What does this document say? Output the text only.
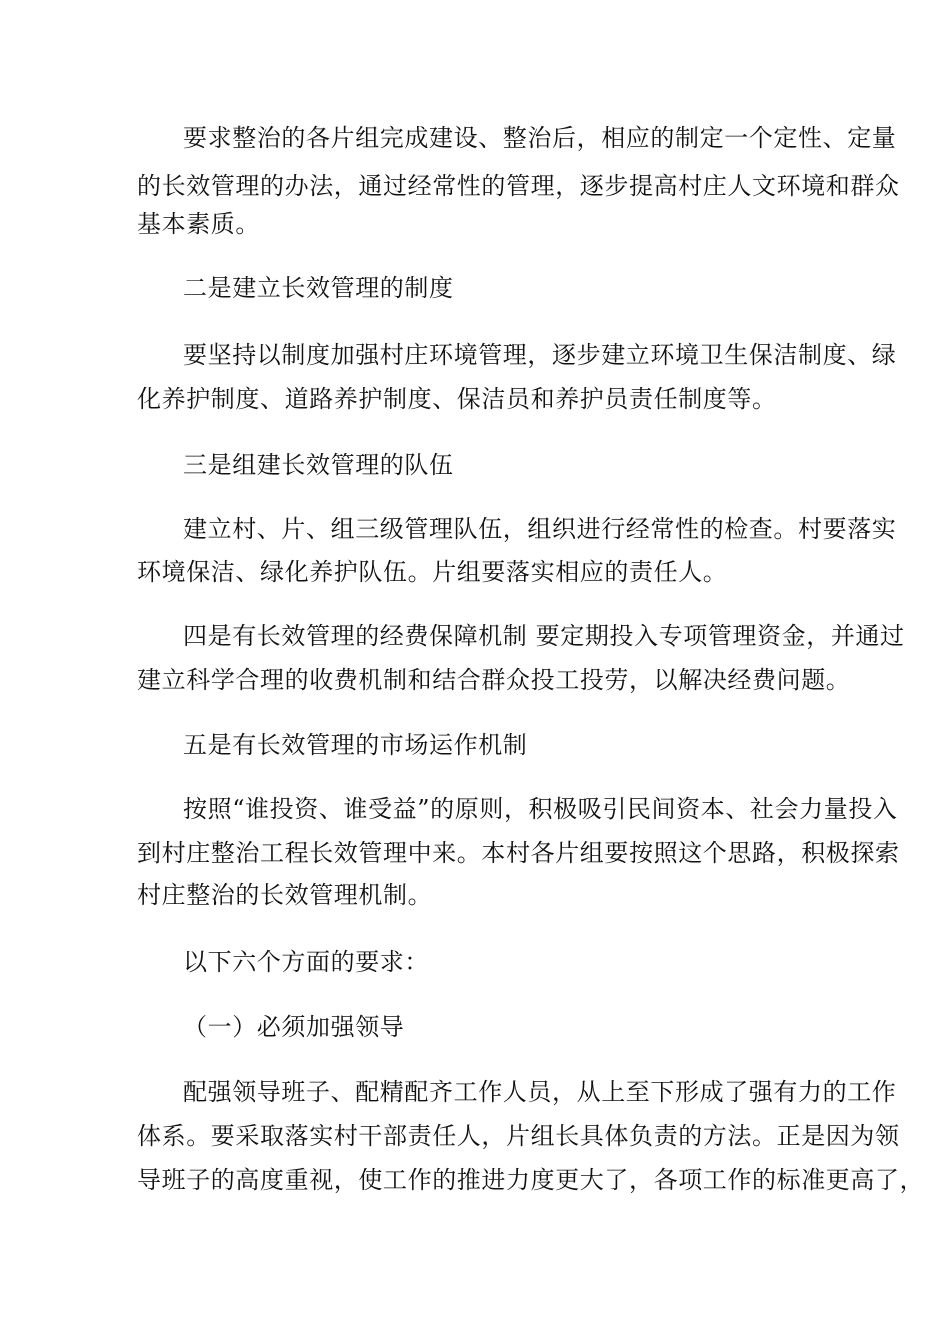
要求整治的各片组完成建设、整治后，相应的制定一个定性、定量
的长效管理的办法，通过经常性的管理，逐步提高村庄人文环境和群众
基本素质。
二是建立长效管理的制度
要坚持以制度加强村庄环境管理，逐步建立环境卫生保洁制度、绿
化养护制度、道路养护制度、保洁员和养护员责任制度等。
三是组建长效管理的队伍
建立村、片、组三级管理队伍，组织进行经常性的检查。村要落实
环境保洁、绿化养护队伍。片组要落实相应的责任人。
四是有长效管理的经费保障机制 要定期投入专项管理资金，并通过
建立科学合理的收费机制和结合群众投工投劳，以解决经费问题。
五是有长效管理的市场运作机制
按照“谁投资、谁受益”的原则，积极吸引民间资本、社会力量投入
到村庄整治工程长效管理中来。本村各片组要按照这个思路，积极探索
村庄整治的长效管理机制。
以下六个方面的要求：
（一）必须加强领导
配强领导班子、配精配齐工作人员，从上至下形成了强有力的工作
体系。要采取落实村干部责任人，片组长具体负责的方法。正是因为领
导班子的高度重视，使工作的推进力度更大了，各项工作的标准更高了，
